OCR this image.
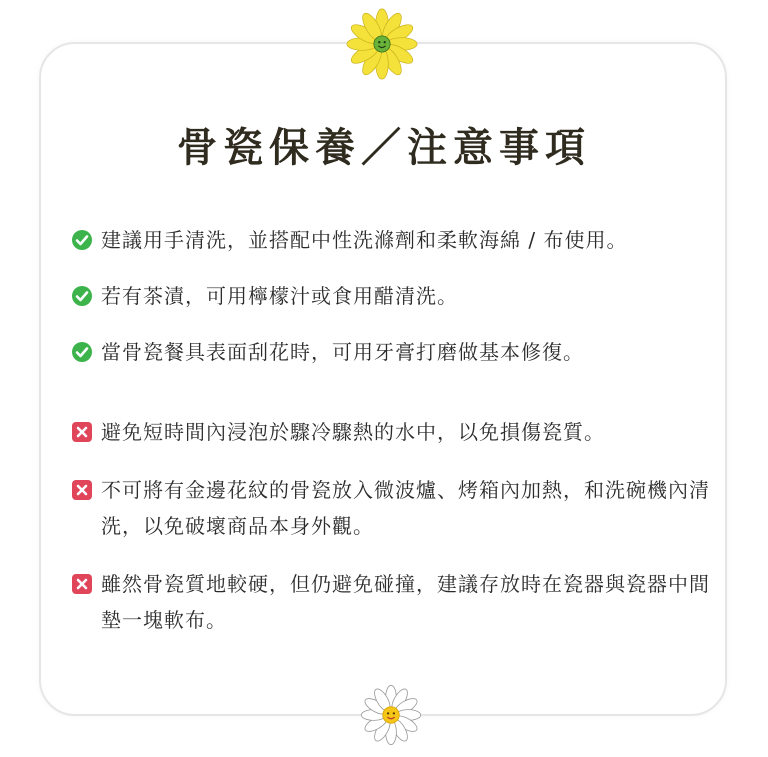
骨瓷保養／注意事項
建議用手清洗，並搭配中性洗滌劑和柔軟海綿 / 布使用。
若有茶漬，可用檸檬汁或食用醋清洗。
當骨瓷餐具表面刮花時，可用牙膏打磨做基本修復。
避免短時間內浸泡於驟冷驟熱的水中，以免損傷瓷質。
不可將有金邊花紋的骨瓷放入微波爐、烤箱內加熱，和洗碗機內清洗，以免破壞商品本身外觀。
雖然骨瓷質地較硬，但仍避免碰撞，建議存放時在瓷器與瓷器中間墊一塊軟布。
